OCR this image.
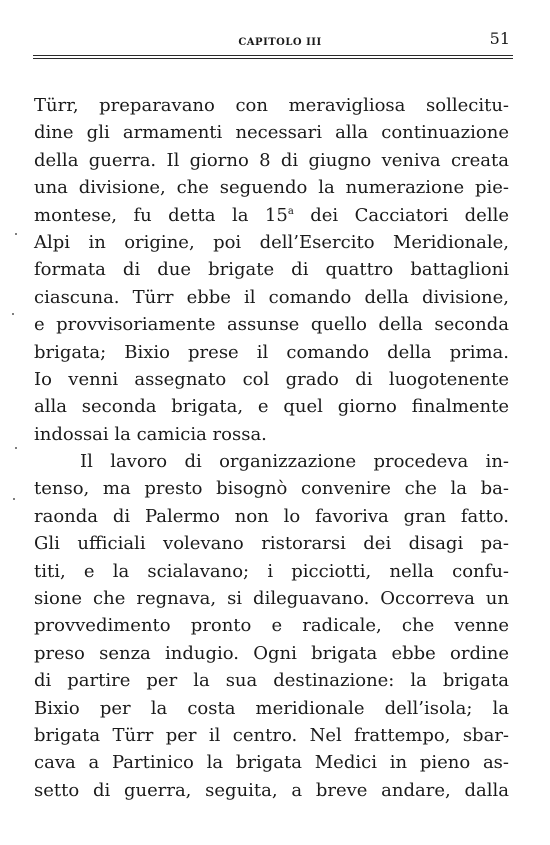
CAPITOLO III	51
Türr, preparavano con meravigliosa sollecitu-
dine gli armamenti necessari alla continuazione
della guerra. Il giorno 8 di giugno veniva creata
una divisione, che seguendo la numerazione pie-
montese, fu detta la 15$^a$ dei Cacciatori delle
Alpi in origine, poi dell’Esercito Meridionale,
formata di due brigate di quattro battaglioni
ciascuna. Türr ebbe il comando della divisione,
e provvisoriamente assunse quello della seconda
brigata; Bixio prese il comando della prima.
Io venni assegnato col grado di luogotenente
alla seconda brigata, e quel giorno finalmente
indossai la camicia rossa.
Il lavoro di organizzazione procedeva in-
tenso, ma presto bisognò convenire che la ba-
raonda di Palermo non lo favoriva gran fatto.
Gli ufficiali volevano ristorarsi dei disagi pa-
titi, e la scialavano; i picciotti, nella confu-
sione che regnava, si dileguavano. Occorreva un
provvedimento pronto e radicale, che venne
preso senza indugio. Ogni brigata ebbe ordine
di partire per la sua destinazione: la brigata
Bixio per la costa meridionale dell’isola; la
brigata Türr per il centro. Nel frattempo, sbar-
cava a Partinico la brigata Medici in pieno as-
setto di guerra, seguita, a breve andare, dalla
